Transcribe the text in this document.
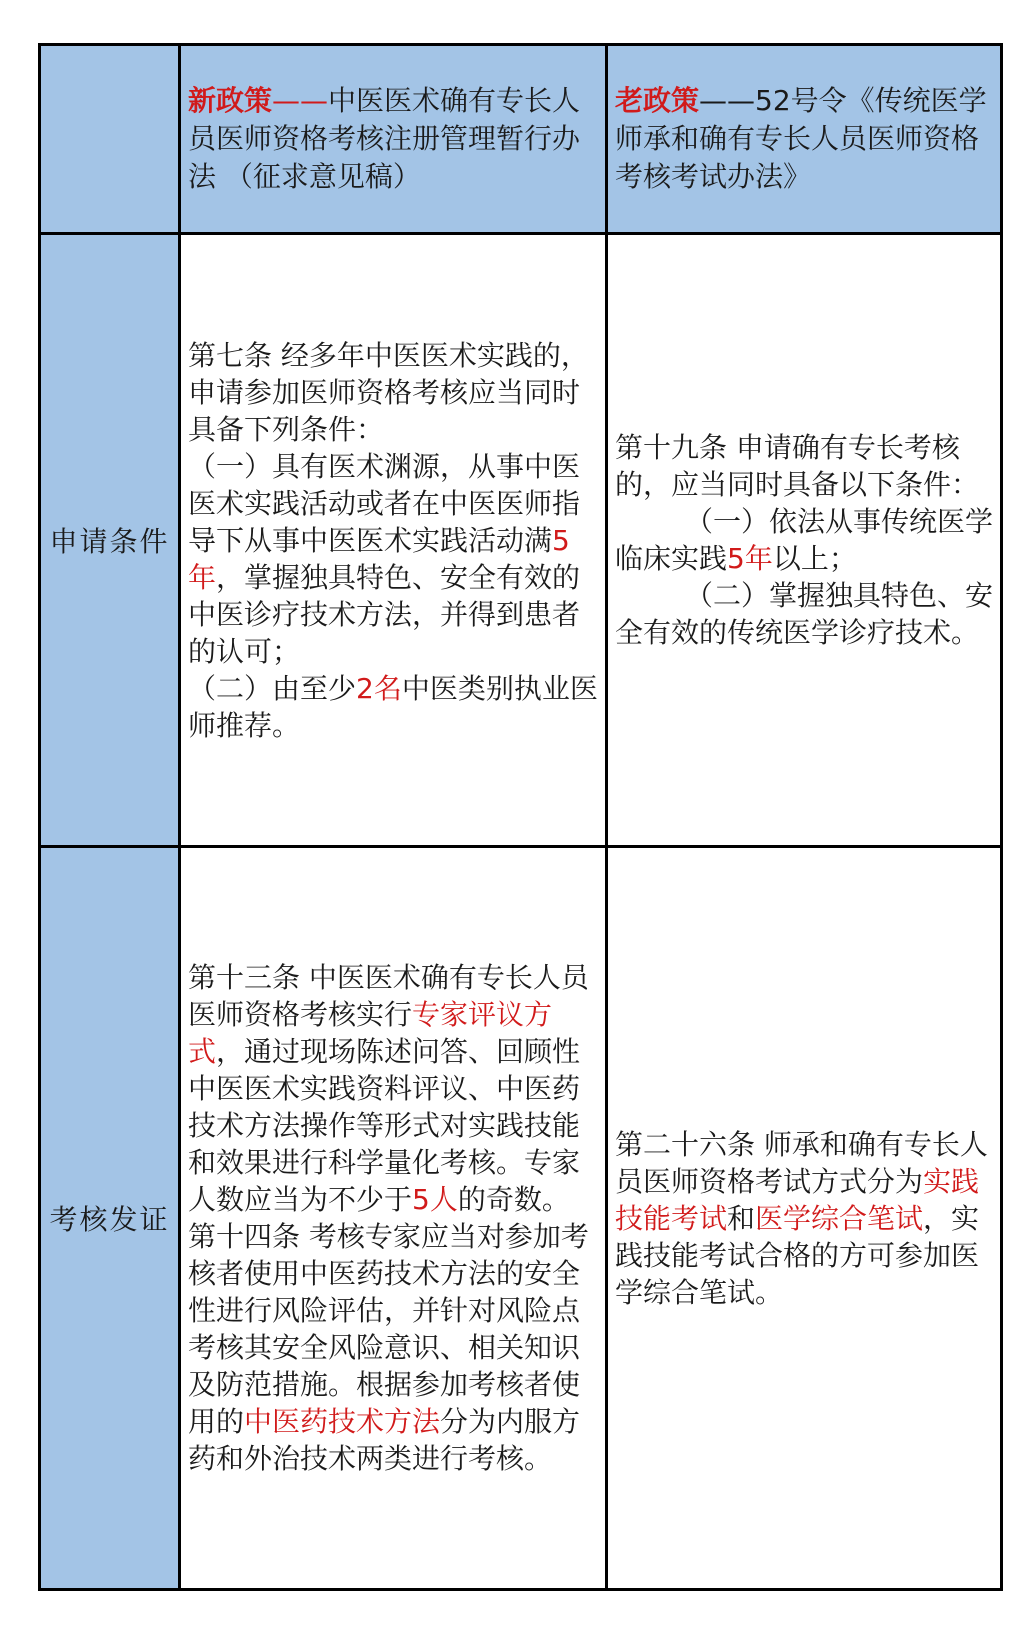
	新政策——中医医术确有专长人员医师资格考核注册管理暂行办法 （征求意见稿）	老政策——52号令《传统医学师承和确有专长人员医师资格考核考试办法》

申请条件	第七条 经多年中医医术实践的，申请参加医师资格考核应当同时具备下列条件：
（一）具有医术渊源，从事中医医术实践活动或者在中医医师指导下从事中医医术实践活动满5年，掌握独具特色、安全有效的中医诊疗技术方法，并得到患者的认可；
（二）由至少2名中医类别执业医师推荐。	第十九条 申请确有专长考核的，应当同时具备以下条件：
（一）依法从事传统医学临床实践5年以上；
（二）掌握独具特色、安全有效的传统医学诊疗技术。

考核发证	第十三条 中医医术确有专长人员医师资格考核实行专家评议方式，通过现场陈述问答、回顾性中医医术实践资料评议、中医药技术方法操作等形式对实践技能和效果进行科学量化考核。专家人数应当为不少于5人的奇数。
第十四条 考核专家应当对参加考核者使用中医药技术方法的安全性进行风险评估，并针对风险点考核其安全风险意识、相关知识及防范措施。根据参加考核者使用的中医药技术方法分为内服方药和外治技术两类进行考核。	第二十六条 师承和确有专长人员医师资格考试方式分为实践技能考试和医学综合笔试，实践技能考试合格的方可参加医学综合笔试。
